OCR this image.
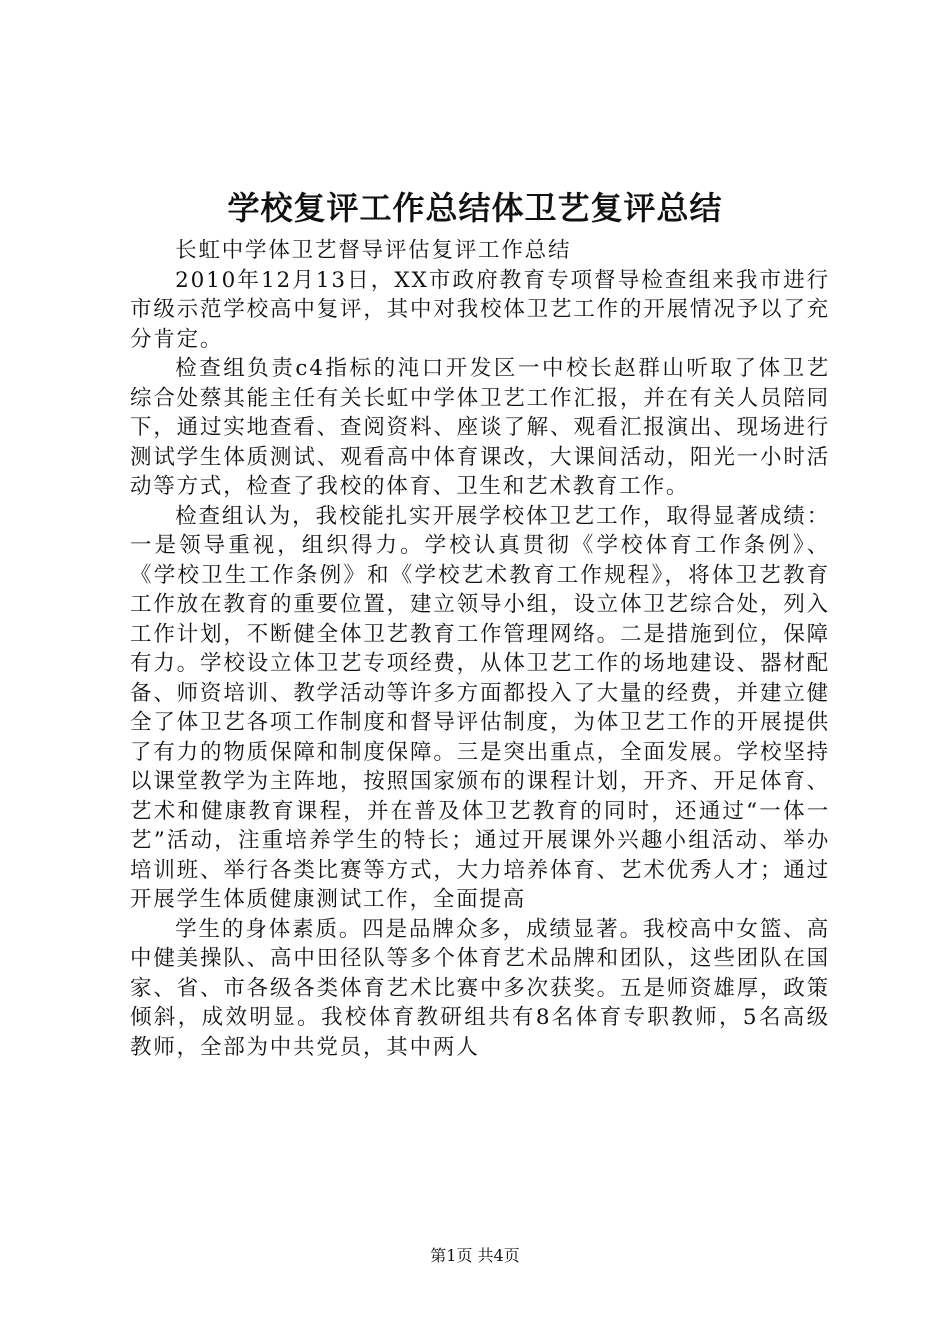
学校复评工作总结体卫艺复评总结

长虹中学体卫艺督导评估复评工作总结

2010年12月13日，XX市政府教育专项督导检查组来我市进行市级示范学校高中复评，其中对我校体卫艺工作的开展情况予以了充分肯定。

检查组负责c4指标的沌口开发区一中校长赵群山听取了体卫艺综合处蔡其能主任有关长虹中学体卫艺工作汇报，并在有关人员陪同下，通过实地查看、查阅资料、座谈了解、观看汇报演出、现场进行测试学生体质测试、观看高中体育课改，大课间活动，阳光一小时活动等方式，检查了我校的体育、卫生和艺术教育工作。

检查组认为，我校能扎实开展学校体卫艺工作，取得显著成绩：一是领导重视，组织得力。学校认真贯彻《学校体育工作条例》、《学校卫生工作条例》和《学校艺术教育工作规程》，将体卫艺教育工作放在教育的重要位置，建立领导小组，设立体卫艺综合处，列入工作计划，不断健全体卫艺教育工作管理网络。二是措施到位，保障有力。学校设立体卫艺专项经费，从体卫艺工作的场地建设、器材配备、师资培训、教学活动等许多方面都投入了大量的经费，并建立健全了体卫艺各项工作制度和督导评估制度，为体卫艺工作的开展提供了有力的物质保障和制度保障。三是突出重点，全面发展。学校坚持以课堂教学为主阵地，按照国家颁布的课程计划，开齐、开足体育、艺术和健康教育课程，并在普及体卫艺教育的同时，还通过“一体一艺”活动，注重培养学生的特长；通过开展课外兴趣小组活动、举办培训班、举行各类比赛等方式，大力培养体育、艺术优秀人才；通过开展学生体质健康测试工作，全面提高

学生的身体素质。四是品牌众多，成绩显著。我校高中女篮、高中健美操队、高中田径队等多个体育艺术品牌和团队，这些团队在国家、省、市各级各类体育艺术比赛中多次获奖。五是师资雄厚，政策倾斜，成效明显。我校体育教研组共有8名体育专职教师，5名高级教师，全部为中共党员，其中两人

第1页 共4页
